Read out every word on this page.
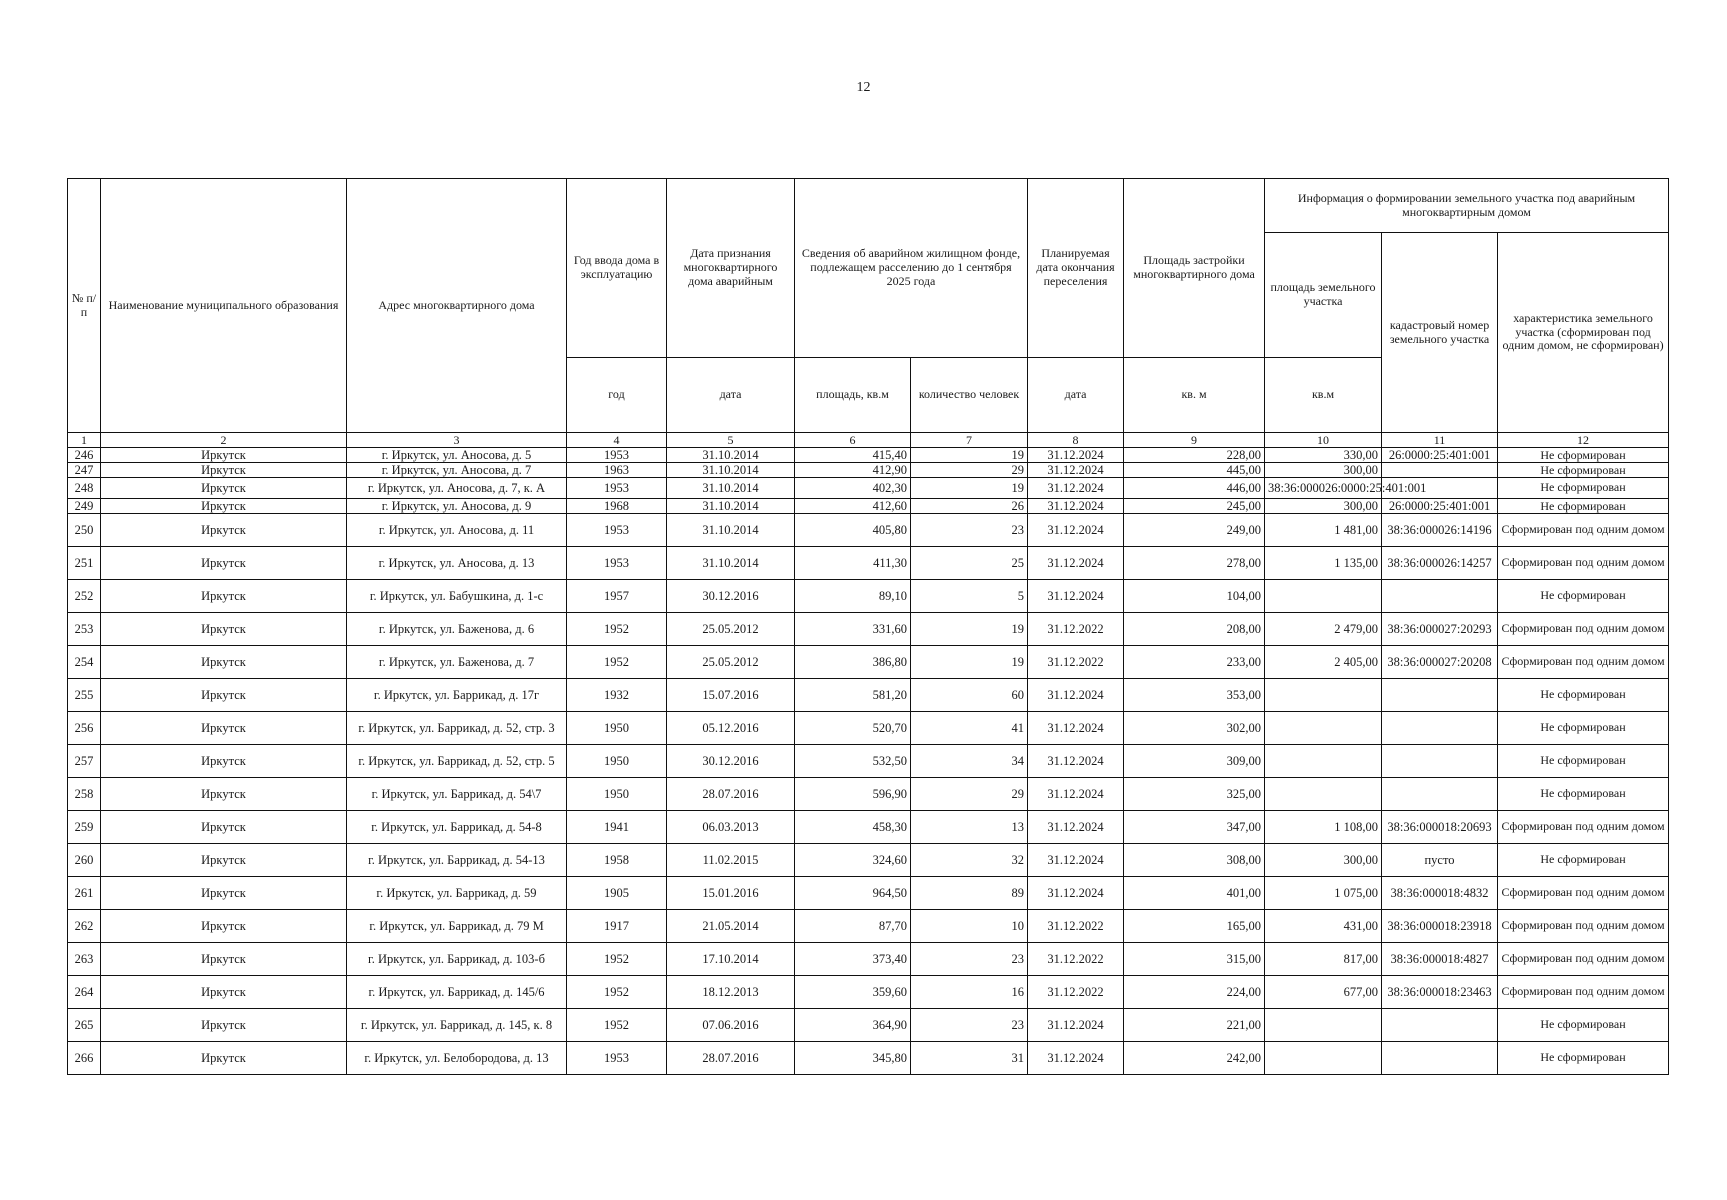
12
№ п/п	Наименование муниципального образования	Адрес многоквартирного дома	Год ввода дома в эксплуатацию	Дата признания многоквартирного дома аварийным	Сведения об аварийном жилищном фонде, подлежащем расселению до 1 сентября 2025 года		Планируемая дата окончания переселения	Площадь застройки многоквартирного дома	Информация о формировании земельного участка под аварийным многоквартирным домом		
									площадь земельного участка	кадастровый номер земельного участка	характеристика земельного участка (сформирован под одним домом, не сформирован)
			год	дата	площадь, кв.м	количество человек	дата	кв. м	кв.м		
1	2	3	4	5	6	7	8	9	10	11	12
246	Иркутск	г. Иркутск, ул. Аносова, д. 5	1953	31.10.2014	415,40	19	31.12.2024	228,00	330,00	26:0000:25:401:001	Не сформирован
247	Иркутск	г. Иркутск, ул. Аносова, д. 7	1963	31.10.2014	412,90	29	31.12.2024	445,00	300,00		Не сформирован
248	Иркутск	г. Иркутск, ул. Аносова, д. 7, к. А	1953	31.10.2014	402,30	19	31.12.2024	446,00	38:36:000026:0000:25:401:001		Не сформирован
249	Иркутск	г. Иркутск, ул. Аносова, д. 9	1968	31.10.2014	412,60	26	31.12.2024	245,00	300,00	26:0000:25:401:001	Не сформирован
250	Иркутск	г. Иркутск, ул. Аносова, д. 11	1953	31.10.2014	405,80	23	31.12.2024	249,00	1 481,00	38:36:000026:14196	Сформирован под одним домом
251	Иркутск	г. Иркутск, ул. Аносова, д. 13	1953	31.10.2014	411,30	25	31.12.2024	278,00	1 135,00	38:36:000026:14257	Сформирован под одним домом
252	Иркутск	г. Иркутск, ул. Бабушкина, д. 1-с	1957	30.12.2016	89,10	5	31.12.2024	104,00			Не сформирован
253	Иркутск	г. Иркутск, ул. Баженова, д. 6	1952	25.05.2012	331,60	19	31.12.2022	208,00	2 479,00	38:36:000027:20293	Сформирован под одним домом
254	Иркутск	г. Иркутск, ул. Баженова, д. 7	1952	25.05.2012	386,80	19	31.12.2022	233,00	2 405,00	38:36:000027:20208	Сформирован под одним домом
255	Иркутск	г. Иркутск, ул. Баррикад, д. 17г	1932	15.07.2016	581,20	60	31.12.2024	353,00			Не сформирован
256	Иркутск	г. Иркутск, ул. Баррикад, д. 52, стр. 3	1950	05.12.2016	520,70	41	31.12.2024	302,00			Не сформирован
257	Иркутск	г. Иркутск, ул. Баррикад, д. 52, стр. 5	1950	30.12.2016	532,50	34	31.12.2024	309,00			Не сформирован
258	Иркутск	г. Иркутск, ул. Баррикад, д. 54\7	1950	28.07.2016	596,90	29	31.12.2024	325,00			Не сформирован
259	Иркутск	г. Иркутск, ул. Баррикад, д. 54-8	1941	06.03.2013	458,30	13	31.12.2024	347,00	1 108,00	38:36:000018:20693	Сформирован под одним домом
260	Иркутск	г. Иркутск, ул. Баррикад, д. 54-13	1958	11.02.2015	324,60	32	31.12.2024	308,00	300,00	пусто	Не сформирован
261	Иркутск	г. Иркутск, ул. Баррикад, д. 59	1905	15.01.2016	964,50	89	31.12.2024	401,00	1 075,00	38:36:000018:4832	Сформирован под одним домом
262	Иркутск	г. Иркутск, ул. Баррикад, д. 79 М	1917	21.05.2014	87,70	10	31.12.2022	165,00	431,00	38:36:000018:23918	Сформирован под одним домом
263	Иркутск	г. Иркутск, ул. Баррикад, д. 103-б	1952	17.10.2014	373,40	23	31.12.2022	315,00	817,00	38:36:000018:4827	Сформирован под одним домом
264	Иркутск	г. Иркутск, ул. Баррикад, д. 145/6	1952	18.12.2013	359,60	16	31.12.2022	224,00	677,00	38:36:000018:23463	Сформирован под одним домом
265	Иркутск	г. Иркутск, ул. Баррикад, д. 145, к. 8	1952	07.06.2016	364,90	23	31.12.2024	221,00			Не сформирован
266	Иркутск	г. Иркутск, ул. Белобородова, д. 13	1953	28.07.2016	345,80	31	31.12.2024	242,00			Не сформирован
